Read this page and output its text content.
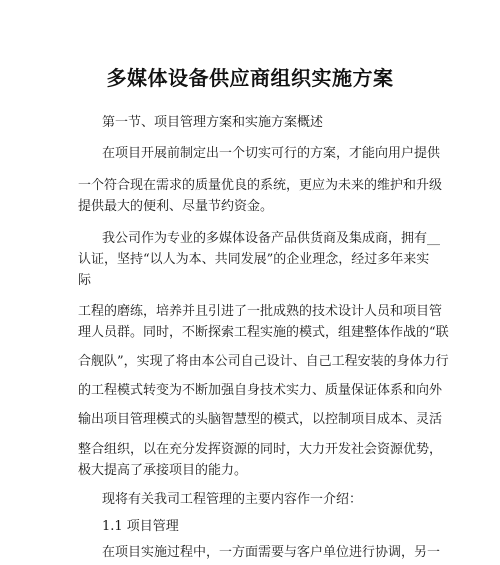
多媒体设备供应商组织实施方案
第一节、项目管理方案和实施方案概述
在项目开展前制定出一个切实可行的方案，才能向用户提供
一个符合现在需求的质量优良的系统，更应为未来的维护和升级
提供最大的便利、尽量节约资金。
我公司作为专业的多媒体设备产品供货商及集成商，拥有__
认证，坚持“以人为本、共同发展”的企业理念，经过多年来实
际
工程的磨练，培养并且引进了一批成熟的技术设计人员和项目管
理人员群。同时，不断探索工程实施的模式，组建整体作战的“联
合舰队”，实现了将由本公司自己设计、自己工程安装的身体力行
的工程模式转变为不断加强自身技术实力、质量保证体系和向外
输出项目管理模式的头脑智慧型的模式，以控制项目成本、灵活
整合组织，以在充分发挥资源的同时，大力开发社会资源优势，
极大提高了承接项目的能力。
现将有关我司工程管理的主要内容作一介绍：
1.1 项目管理
在项目实施过程中，一方面需要与客户单位进行协调，另一
